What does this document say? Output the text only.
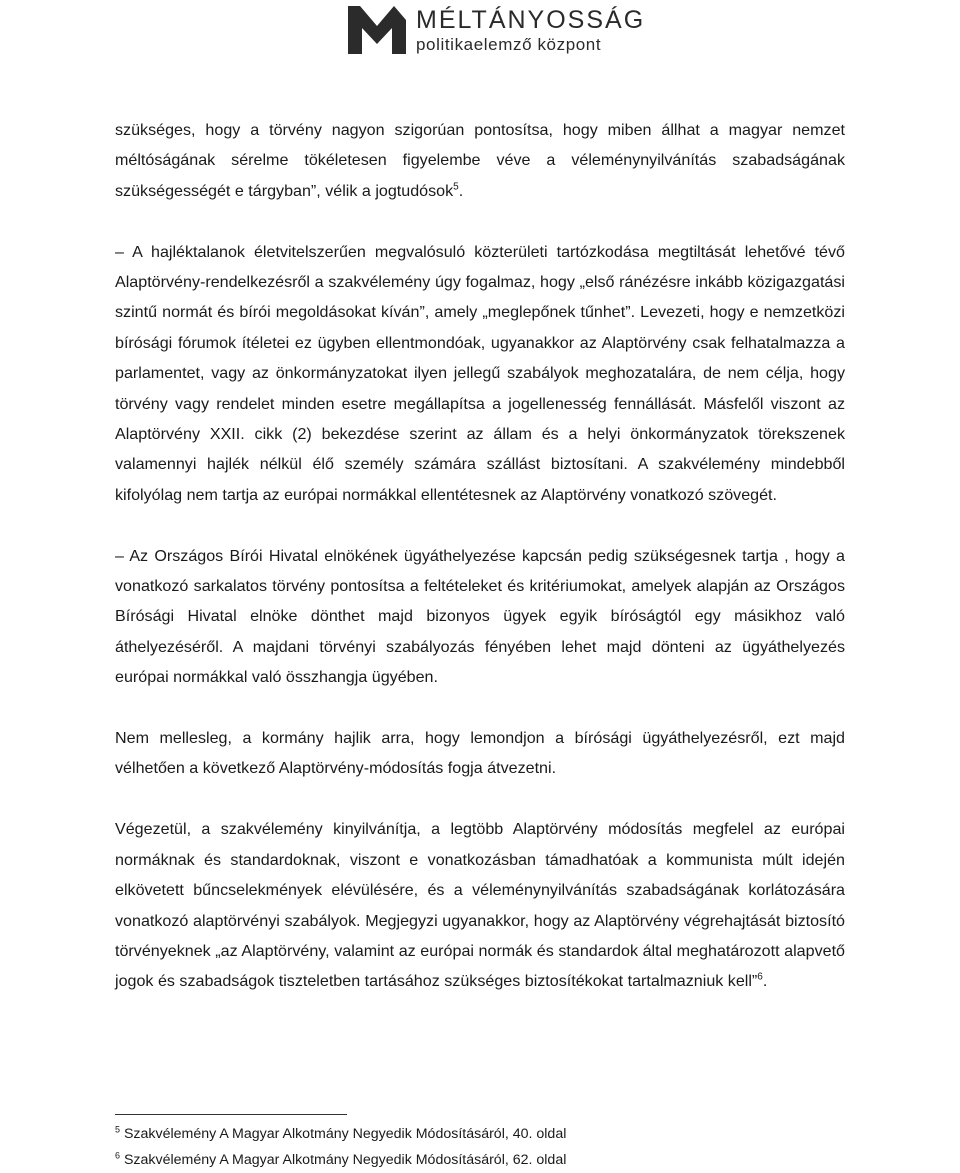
MÉLTÁNYOSSÁG
politikaelemző központ

szükséges, hogy a törvény nagyon szigorúan pontosítsa, hogy miben állhat a magyar nemzet méltóságának sérelme tökéletesen figyelembe véve a véleménynyilvánítás szabadságának szükségességét e tárgyban”, vélik a jogtudósok$^5$.

– A hajléktalanok életvitelszerűen megvalósuló közterületi tartózkodása megtiltását lehetővé tévő Alaptörvény-rendelkezésről a szakvélemény úgy fogalmaz, hogy „első ránézésre inkább közigazgatási szintű normát és bírói megoldásokat kíván”, amely „meglepőnek tűnhet”. Levezeti, hogy e nemzetközi bírósági fórumok ítéletei ez ügyben ellentmondóak, ugyanakkor az Alaptörvény csak felhatalmazza a parlamentet, vagy az önkormányzatokat ilyen jellegű szabályok meghozatalára, de nem célja, hogy törvény vagy rendelet minden esetre megállapítsa a jogellenesség fennállását. Másfelől viszont az Alaptörvény XXII. cikk (2) bekezdése szerint az állam és a helyi önkormányzatok törekszenek valamennyi hajlék nélkül élő személy számára szállást biztosítani. A szakvélemény mindebből kifolyólag nem tartja az európai normákkal ellentétesnek az Alaptörvény vonatkozó szövegét.

– Az Országos Bírói Hivatal elnökének ügyáthelyezése kapcsán pedig szükségesnek tartja , hogy a vonatkozó sarkalatos törvény pontosítsa a feltételeket és kritériumokat, amelyek alapján az Országos Bírósági Hivatal elnöke dönthet majd bizonyos ügyek egyik bíróságtól egy másikhoz való áthelyezéséről. A majdani törvényi szabályozás fényében lehet majd dönteni az ügyáthelyezés európai normákkal való összhangja ügyében.

Nem mellesleg, a kormány hajlik arra, hogy lemondjon a bírósági ügyáthelyezésről, ezt majd vélhetően a következő Alaptörvény-módosítás fogja átvezetni.

Végezetül, a szakvélemény kinyilvánítja, a legtöbb Alaptörvény módosítás megfelel az európai normáknak és standardoknak, viszont e vonatkozásban támadhatóak a kommunista múlt idején elkövetett bűncselekmények elévülésére, és a véleménynyilvánítás szabadságának korlátozására vonatkozó alaptörvényi szabályok. Megjegyzi ugyanakkor, hogy az Alaptörvény végrehajtását biztosító törvényeknek „az Alaptörvény, valamint az európai normák és standardok által meghatározott alapvető jogok és szabadságok tiszteletben tartásához szükséges biztosítékokat tartalmazniuk kell”$^6$.

$^5$ Szakvélemény A Magyar Alkotmány Negyedik Módosításáról, 40. oldal

$^6$ Szakvélemény A Magyar Alkotmány Negyedik Módosításáról, 62. oldal
